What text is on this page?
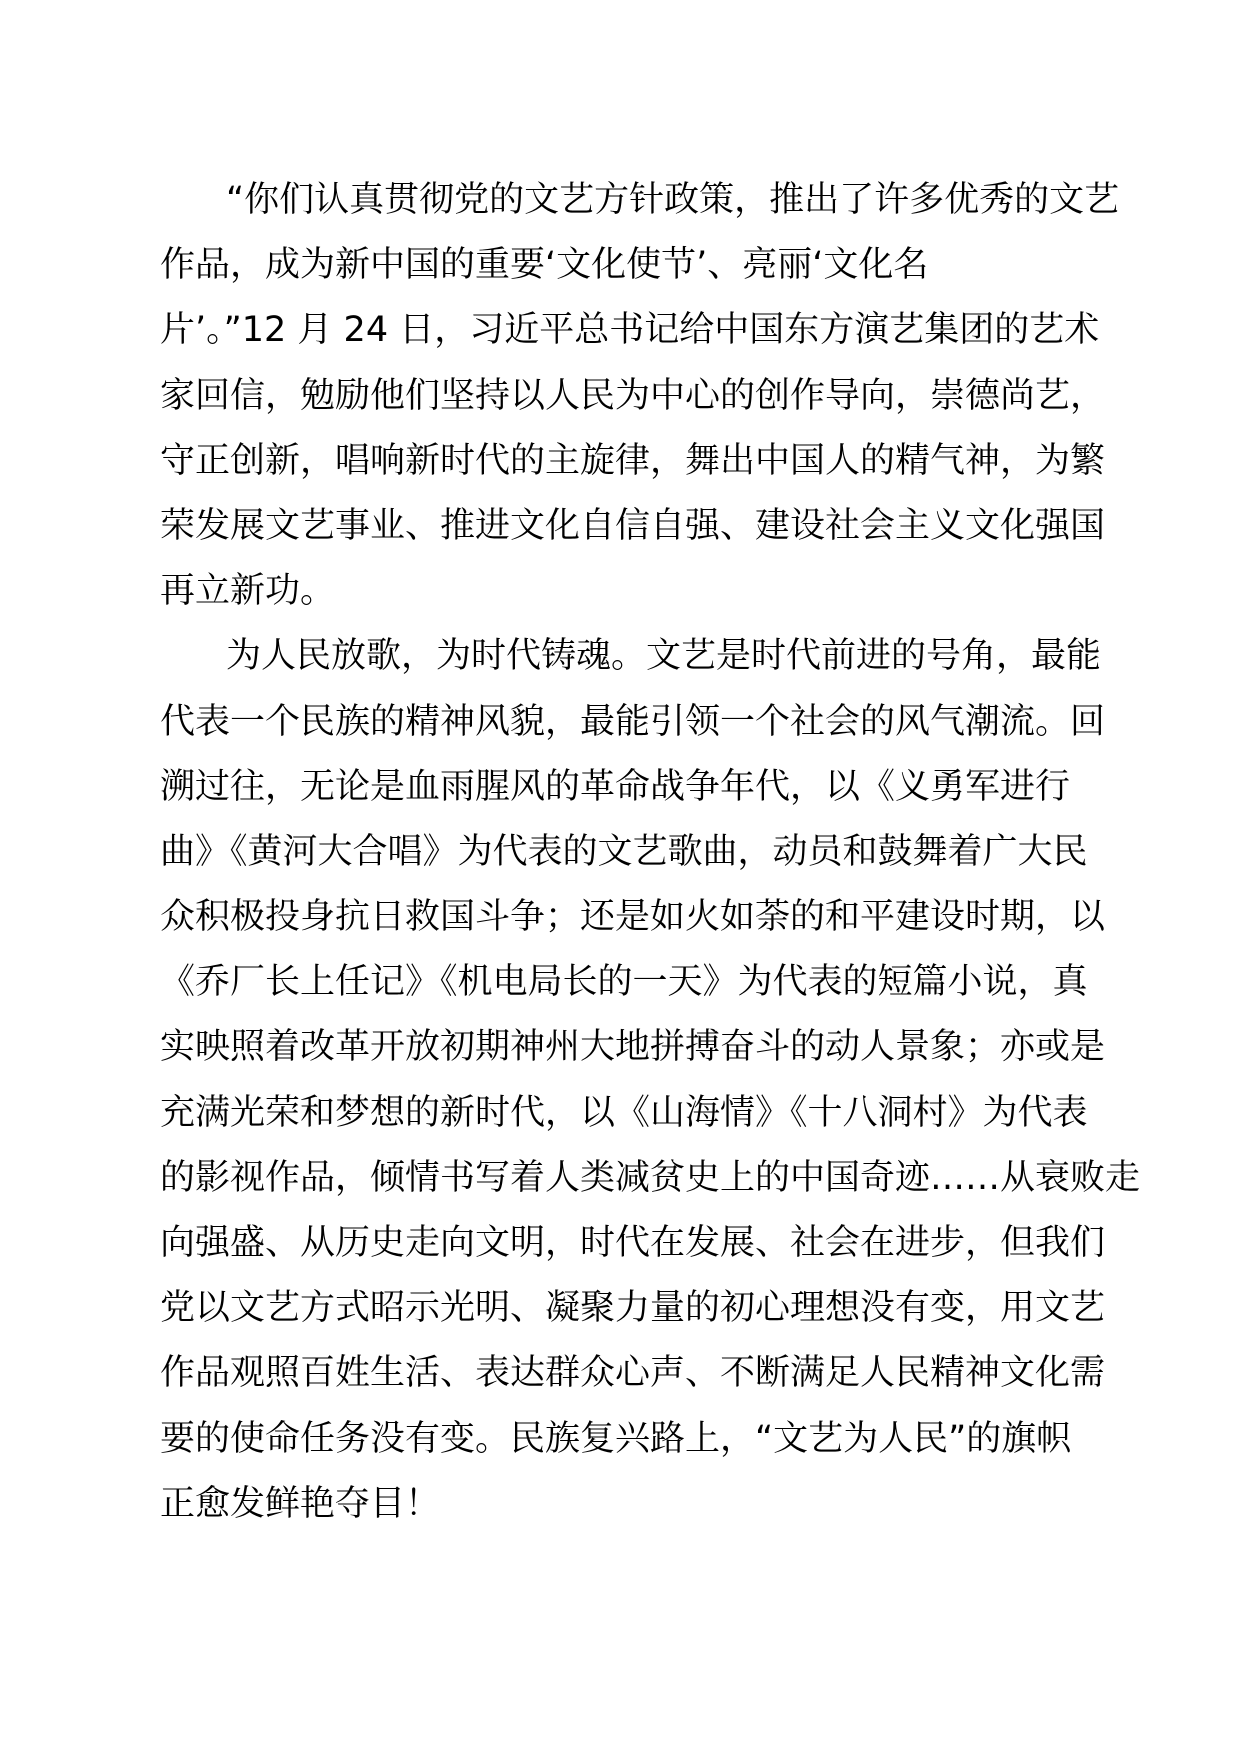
“你们认真贯彻党的文艺方针政策，推出了许多优秀的文艺
作品，成为新中国的重要‘文化使节’、亮丽‘文化名
片’。”12 月 24 日，习近平总书记给中国东方演艺集团的艺术
家回信，勉励他们坚持以人民为中心的创作导向，崇德尚艺，
守正创新，唱响新时代的主旋律，舞出中国人的精气神，为繁
荣发展文艺事业、推进文化自信自强、建设社会主义文化强国
再立新功。
为人民放歌，为时代铸魂。文艺是时代前进的号角，最能
代表一个民族的精神风貌，最能引领一个社会的风气潮流。回
溯过往，无论是血雨腥风的革命战争年代，以《义勇军进行
曲》《黄河大合唱》为代表的文艺歌曲，动员和鼓舞着广大民
众积极投身抗日救国斗争；还是如火如荼的和平建设时期，以
《乔厂长上任记》《机电局长的一天》为代表的短篇小说，真
实映照着改革开放初期神州大地拼搏奋斗的动人景象；亦或是
充满光荣和梦想的新时代，以《山海情》《十八洞村》为代表
的影视作品，倾情书写着人类减贫史上的中国奇迹……从衰败走
向强盛、从历史走向文明，时代在发展、社会在进步，但我们
党以文艺方式昭示光明、凝聚力量的初心理想没有变，用文艺
作品观照百姓生活、表达群众心声、不断满足人民精神文化需
要的使命任务没有变。民族复兴路上，“文艺为人民”的旗帜
正愈发鲜艳夺目！
